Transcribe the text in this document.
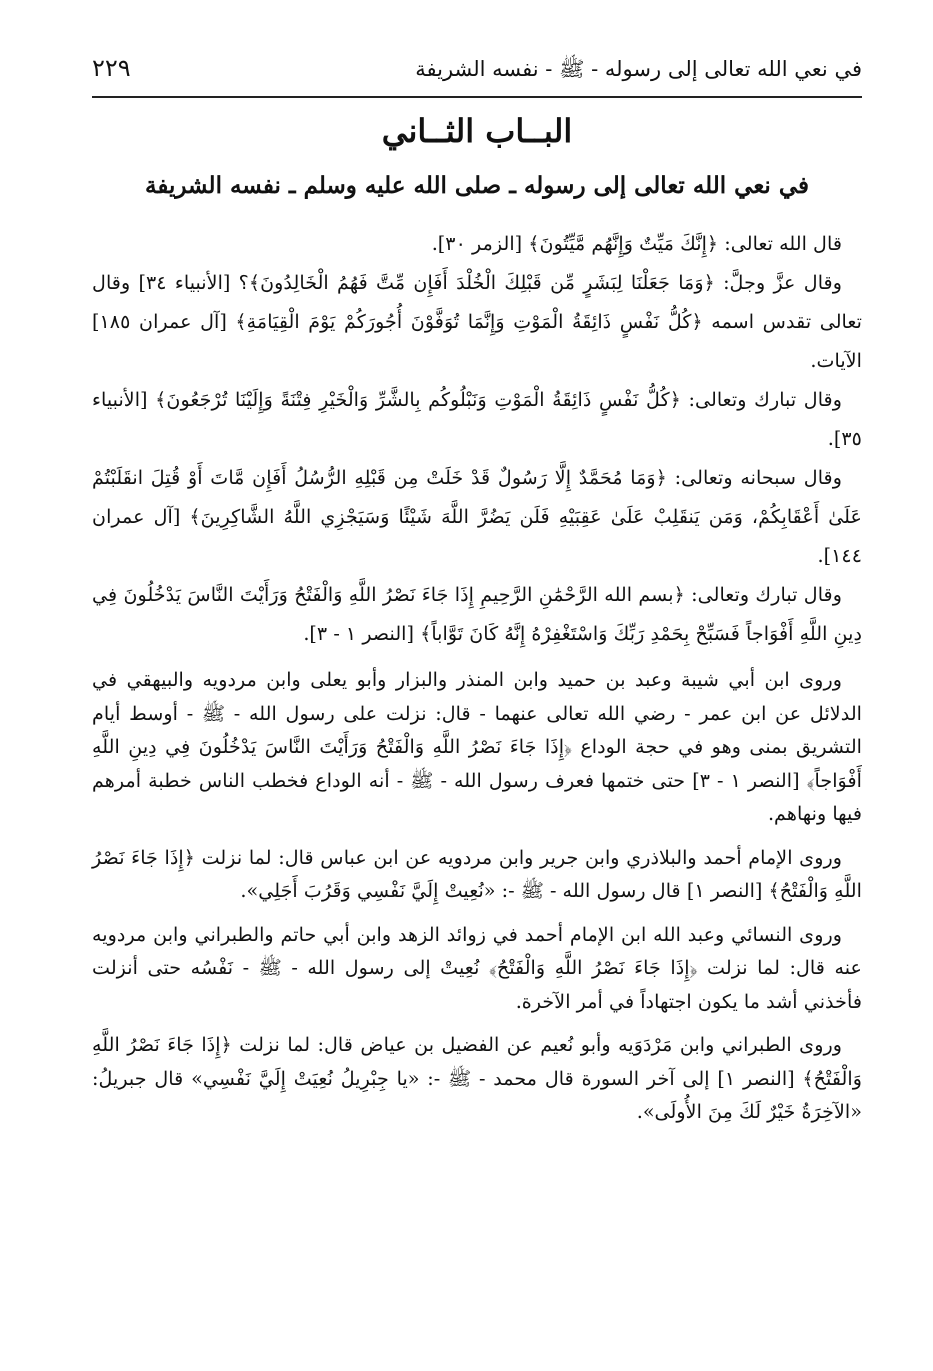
في نعي الله تعالى إلى رسوله - ﷺ - نفسه الشريفة
٢٢٩
البــاب الثــاني
في نعي الله تعالى إلى رسوله ـ صلى الله عليه وسلم ـ نفسه الشريفة

قال الله تعالى: ﴿إِنَّكَ مَيِّتٌ وَإِنَّهُم مَّيِّتُونَ﴾ [الزمر ٣٠].

وقال عزَّ وجلَّ: ﴿وَمَا جَعَلْنَا لِبَشَرٍ مِّن قَبْلِكَ الْخُلْدَ أَفَإِن مِّتَّ فَهُمُ الْخَالِدُونَ﴾؟ [الأنبياء ٣٤] وقال تعالى تقدس اسمه ﴿كُلُّ نَفْسٍ ذَائِقَةُ الْمَوْتِ وَإِنَّمَا تُوَفَّوْنَ أُجُورَكُمْ يَوْمَ الْقِيَامَةِ﴾ [آل عمران ١٨٥] الآيات.

وقال تبارك وتعالى: ﴿كُلُّ نَفْسٍ ذَائِقَةُ الْمَوْتِ وَنَبْلُوكُم بِالشَّرِّ وَالْخَيْرِ فِتْنَةً وَإِلَيْنَا تُرْجَعُونَ﴾ [الأنبياء ٣٥].

وقال سبحانه وتعالى: ﴿وَمَا مُحَمَّدٌ إِلَّا رَسُولٌ قَدْ خَلَتْ مِن قَبْلِهِ الرُّسُلُ أَفَإِن مَّاتَ أَوْ قُتِلَ انقَلَبْتُمْ عَلَىٰ أَعْقَابِكُمْ، وَمَن يَنقَلِبْ عَلَىٰ عَقِبَيْهِ فَلَن يَضُرَّ اللَّهَ شَيْئًا وَسَيَجْزِي اللَّهُ الشَّاكِرِينَ﴾ [آل عمران ١٤٤].

وقال تبارك وتعالى: ﴿بسم الله الرَّحْمَٰنِ الرَّحِيمِ إِذَا جَاءَ نَصْرُ اللَّهِ وَالْفَتْحُ وَرَأَيْتَ النَّاسَ يَدْخُلُونَ فِي دِينِ اللَّهِ أَفْوَاجاً فَسَبِّحْ بِحَمْدِ رَبِّكَ وَاسْتَغْفِرْهُ إِنَّهُ كَانَ تَوَّاباً﴾ [النصر ١ - ٣].

وروى ابن أبي شيبة وعبد بن حميد وابن المنذر والبزار وأبو يعلى وابن مردويه والبيهقي في الدلائل عن ابن عمر - رضي الله تعالى عنهما - قال: نزلت على رسول الله - ﷺ - أوسط أيام التشريق بمنى وهو في حجة الوداع ﴿إِذَا جَاءَ نَصْرُ اللَّهِ وَالْفَتْحُ وَرَأَيْتَ النَّاسَ يَدْخُلُونَ فِي دِينِ اللَّهِ أَفْوَاجاً﴾ [النصر ١ - ٣] حتى ختمها فعرف رسول الله - ﷺ - أنه الوداع فخطب الناس خطبة أمرهم فيها ونهاهم.

وروى الإمام أحمد والبلاذري وابن جرير وابن مردويه عن ابن عباس قال: لما نزلت ﴿إِذَا جَاءَ نَصْرُ اللَّهِ وَالْفَتْحُ﴾ [النصر ١] قال رسول الله - ﷺ -: «نُعِيتْ إِلَيَّ نَفْسِي وَقَرُبَ أَجَلِي».

وروى النسائي وعبد الله ابن الإمام أحمد في زوائد الزهد وابن أبي حاتم والطبراني وابن مردويه عنه قال: لما نزلت ﴿إِذَا جَاءَ نَصْرُ اللَّهِ وَالْفَتْحُ﴾ نُعِيتْ إلى رسول الله - ﷺ - نَفْسُه حتى أنزلت فأخذني أشد ما يكون اجتهاداً في أمر الآخرة.

وروى الطبراني وابن مَرْدَوَيه وأبو نُعيم عن الفضيل بن عياض قال: لما نزلت ﴿إِذَا جَاءَ نَصْرُ اللَّهِ وَالْفَتْحُ﴾ [النصر ١] إلى آخر السورة قال محمد - ﷺ -: «يا جِبْرِيلُ نُعِيَتْ إِلَيَّ نَفْسِي» قال جبريلُ: «الآخِرَةُ خَيْرٌ لَكَ مِنَ الأُولَى».
